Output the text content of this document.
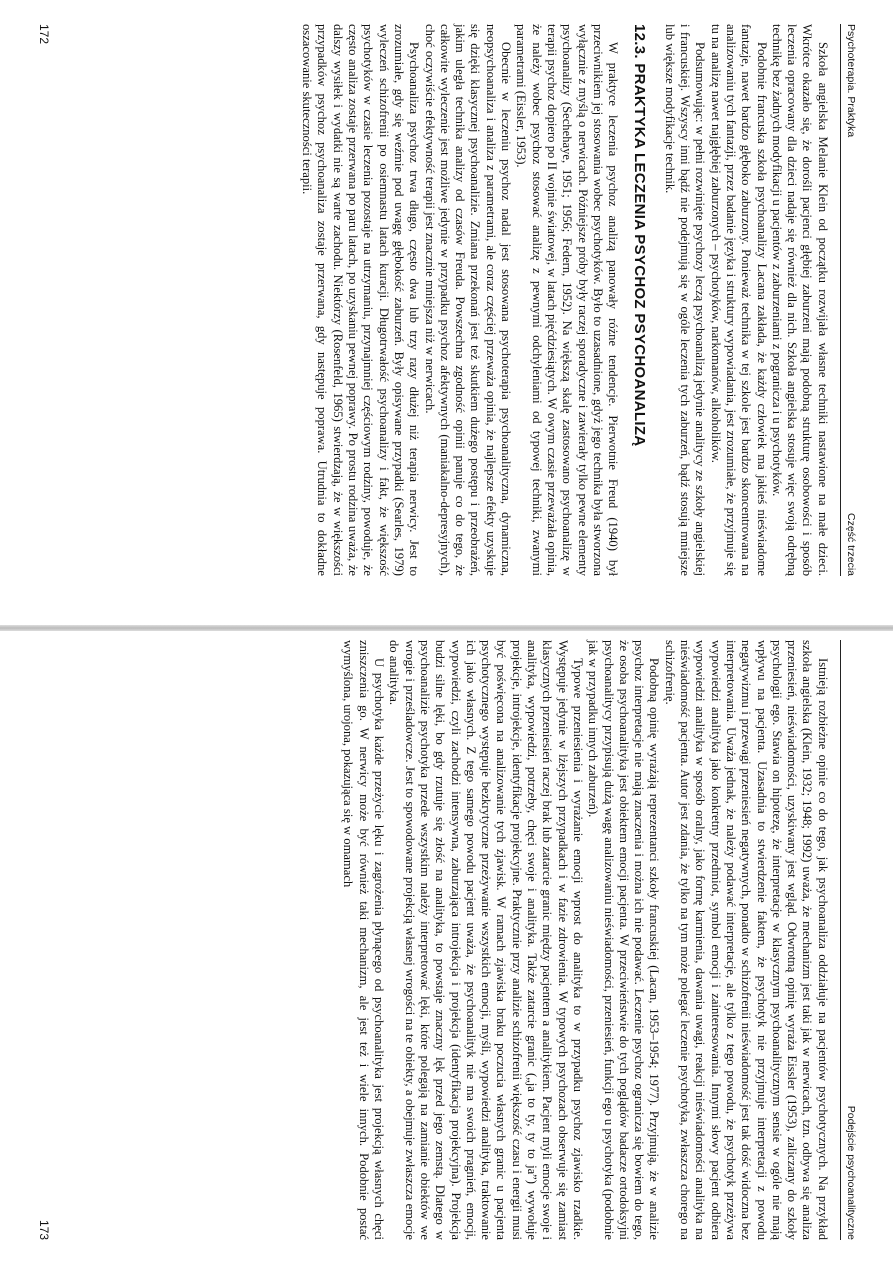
Psychoterapia. Praktyka
Część trzecia

Szkoła angielska Melanie Klein od początku rozwijała własne techniki nastawione na małe dzieci. Wkrótce okazało się, że dorośli pacjenci głębiej zaburzeni mają podobną strukturę osobowości i sposób leczenia opracowany dla dzieci nadaje się również dla nich. Szkoła angielska stosuje więc swoją odrębną technikę bez żadnych modyfikacji u pacjentów z zaburzeniami z pogranicza i u psychotyków.

Podobnie francuska szkoła psychoanalizy Lacana zakłada, że każdy człowiek ma jakieś nieświadome fantazje, nawet bardzo głęboko zaburzony. Ponieważ technika w tej szkole jest bardzo skoncentrowana na analizowaniu tych fantazji, przez badanie języka i struktury wypowiadania, jest zrozumiałe, że przyjmuje się tu na analizę nawet najgłębiej zaburzonych – psychotyków, narkomanów, alkoholików.

Podsumowując: w pełni rozwinięte psychozy leczą psychoanalizą jedynie analitycy ze szkoły angielskiej i francuskiej. Wszyscy inni bądź nie podejmują się w ogóle leczenia tych zaburzeń, bądź stosują mniejsze lub większe modyfikacje technik.

12.3. PRAKTYKA LECZENIA PSYCHOZ PSYCHOANALIZĄ

W praktyce leczenia psychoz analizą panowały różne tendencje. Pierwotnie Freud (1940) był przeciwnikiem jej stosowania wobec psychotyków. Było to uzasadnione, gdyż jego technika była stworzona wyłącznie z myślą o nerwicach. Późniejsze próby były raczej sporadyczne i zawierały tylko pewne elementy psychoanalizy (Sechehaye, 1951; 1956; Federn, 1952). Na większą skalę zastosowano psychoanalizę w terapii psychoz dopiero po II wojnie światowej, w latach pięćdziesiątych. W owym czasie przeważała opinia, że należy wobec psychoz stosować analizę z pewnymi odchyleniami od typowej techniki, zwanymi parametrami (Eissler, 1953).

Obecnie w leczeniu psychoz nadal jest stosowana psychoterapia psychoanalityczna, dynamiczna, neopsychoanaliza i analiza z parametrami, ale coraz częściej przeważa opinia, że najlepsze efekty uzyskuje się dzięki klasycznej psychoanalizie. Zmiana przekonań jest też skutkiem dużego postępu i przeobrażeń, jakim uległa technika analizy od czasów Freuda. Powszechna zgodność opinii panuje co do tego, że całkowite wyleczenie jest możliwe jedynie w przypadku psychoz afektywnych (maniakalno-depresyjnych), choć oczywiście efektywność terapii jest znacznie mniejsza niż w nerwicach.

Psychoanaliza psychoz trwa długo, często dwa lub trzy razy dłużej niż terapia nerwicy. Jest to zrozumiałe, gdy się weźmie pod uwagę głębokość zaburzeń. Były opisywane przypadki (Searles, 1979) wyleczeń schizofrenii po osiemnastu latach kuracji. Długotrwałość psychoanalizy i fakt, że większość psychotyków w czasie leczenia pozostaje na utrzymaniu, przynajmniej częściowym rodziny, powoduje, że często analiza zostaje przerwana po paru latach, po uzyskaniu pewnej poprawy. Po prostu rodzina uważa, że dalszy wysiłek i wydatki nie są warte zachodu. Niektórzy (Rosenfeld, 1965) stwierdzają, że w większości przypadków psychoz psychoanaliza zostaje przerwana, gdy następuje poprawa. Utrudnia to dokładne oszacowanie skuteczności terapii.

172
Podejście psychoanalityczne

Istnieją rozbieżne opinie co do tego, jak psychoanaliza oddziałuje na pacjentów psychotycznych. Na przykład szkoła angielska (Klein, 1932; 1948; 1992) uważa, że mechanizm jest taki jak w nerwicach, tzn. odbywa się analiza przeniesień, nieświadomości, uzyskiwany jest wgląd. Odwrotną opinię wyraża Eissler (1953), zaliczany do szkoły psychologii ego. Stawia on hipotezę, że interpretacje w klasycznym psychoanalitycznym sensie w ogóle nie mają wpływu na pacjenta. Uzasadnia to stwierdzenie faktem, że psychotyk nie przyjmuje interpretacji z powodu negatywizmu i przewagi przeniesień negatywnych, ponadto w schizofrenii nieświadomość jest tak dość widoczna bez interpretowania. Uważa jednak, że należy podawać interpretacje, ale tylko z tego powodu, że psychotyk przeżywa wypowiedzi analityka jako konkretny przedmiot, symbol emocji i zainteresowania. Innymi słowy pacjent odbiera wypowiedzi analityka w sposób oralny, jako formę karmienia, dawania uwagi, reakcji nieświadomości analityka na nieświadomość pacjenta. Autor jest zdania, że tylko na tym może polegać leczenie psychotyka, zwłaszcza chorego na schizofrenię.

Podobną opinię wyrażają reprezentanci szkoły francuskiej (Lacan, 1953–1954; 1977). Przyjmują, że w analizie psychoz interpretacje nie mają znaczenia i można ich nie podawać. Leczenie psychoz ogranicza się bowiem do tego, że osoba psychoanalityka jest obiektem emocji pacjenta. W przeciwieństwie do tych poglądów badacze ortodoksyjni psychoanalitycy przypisują dużą wagę analizowaniu nieświadomości, przeniesień, funkcji ego u psychotyka (podobnie jak w przypadku innych zaburzeń).

Typowe przeniesienia i wyrażanie emocji wprost do analityka to w przypadku psychoz zjawisko rzadkie. Występuje jedynie w lżejszych przypadkach i w fazie zdrowienia. W typowych psychozach obserwuje się zamiast klasycznych przeniesień raczej brak lub zatarcie granic między pacjentem a analitykiem. Pacjent myli emocje swoje i analityka, wypowiedzi, potrzeby, chęci swoje i analityka. Także zatarcie granic („ja to ty, ty to ja”) wywołuje projekcje, introjekcje, identyfikacje projekcyjne. Praktycznie przy analizie schizofrenii większość czasu i energii musi być poświęcona na analizowanie tych zjawisk. W ramach zjawiska braku poczucia własnych granic u pacjenta psychotycznego występuje bezkrytyczne przeżywanie wszystkich emocji, myśli, wypowiedzi analityka, traktowanie ich jako własnych. Z tego samego powodu pacjent uważa, że psychoanalityk nie ma swoich pragnień, emocji, wypowiedzi, czyli zachodzi intensywna, zaburzająca introjekcja i projekcja (identyfikacja projekcyjna). Projekcja budzi silne lęki, bo gdy rzutuje się złość na analityka, to powstaje znaczny lęk przed jego zemstą. Dlatego w psychoanalizie psychotyka przede wszystkim należy interpretować lęki, które polegają na zamianie obiektów we wrogie i prześladowcze. Jest to spowodowane projekcją własnej wrogości na te obiekty, a obejmuje zwłaszcza emocje do analityka.

U psychotyka każde przeżycie lęku i zagrożenia płynącego od psychoanalityka jest projekcją własnych chęci zniszczenia go. W nerwicy może być również taki mechanizm, ale jest też i wiele innych. Podobnie postać wymyślona, urojona, pokazująca się w omamach

173
